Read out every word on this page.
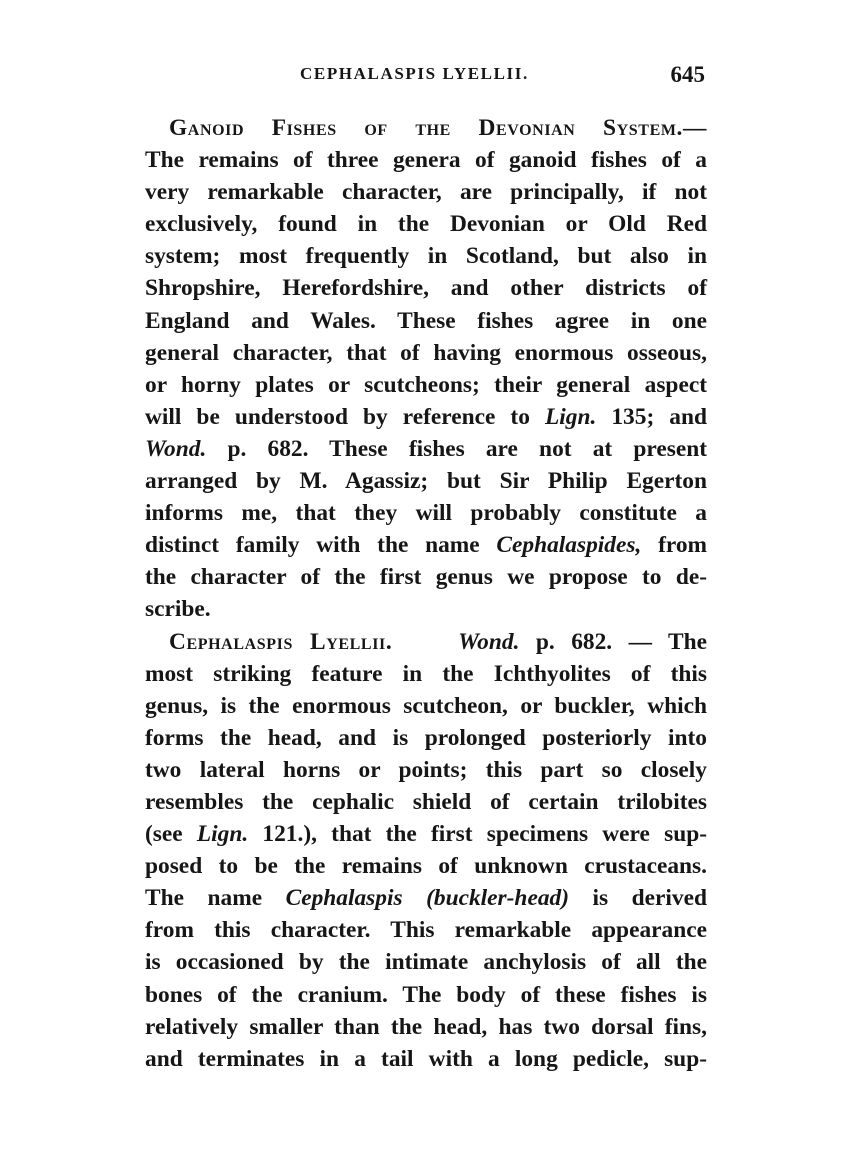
CEPHALASPIS LYELLII.	645
Ganoid Fishes of the Devonian System.—
The remains of three genera of ganoid fishes of a
very remarkable character, are principally, if not
exclusively, found in the Devonian or Old Red
system; most frequently in Scotland, but also in
Shropshire, Herefordshire, and other districts of
England and Wales. These fishes agree in one
general character, that of having enormous osseous,
or horny plates or scutcheons; their general aspect
will be understood by reference to Lign. 135; and
Wond. p. 682. These fishes are not at present
arranged by M. Agassiz; but Sir Philip Egerton
informs me, that they will probably constitute a
distinct family with the name Cephalaspides, from
the character of the first genus we propose to de-
scribe.
Cephalaspis Lyellii.	Wond. p. 682. — The
most striking feature in the Ichthyolites of this
genus, is the enormous scutcheon, or buckler, which
forms the head, and is prolonged posteriorly into
two lateral horns or points; this part so closely
resembles the cephalic shield of certain trilobites
(see Lign. 121.), that the first specimens were sup-
posed to be the remains of unknown crustaceans.
The name Cephalaspis (buckler-head) is derived
from this character. This remarkable appearance
is occasioned by the intimate anchylosis of all the
bones of the cranium. The body of these fishes is
relatively smaller than the head, has two dorsal fins,
and terminates in a tail with a long pedicle, sup-
